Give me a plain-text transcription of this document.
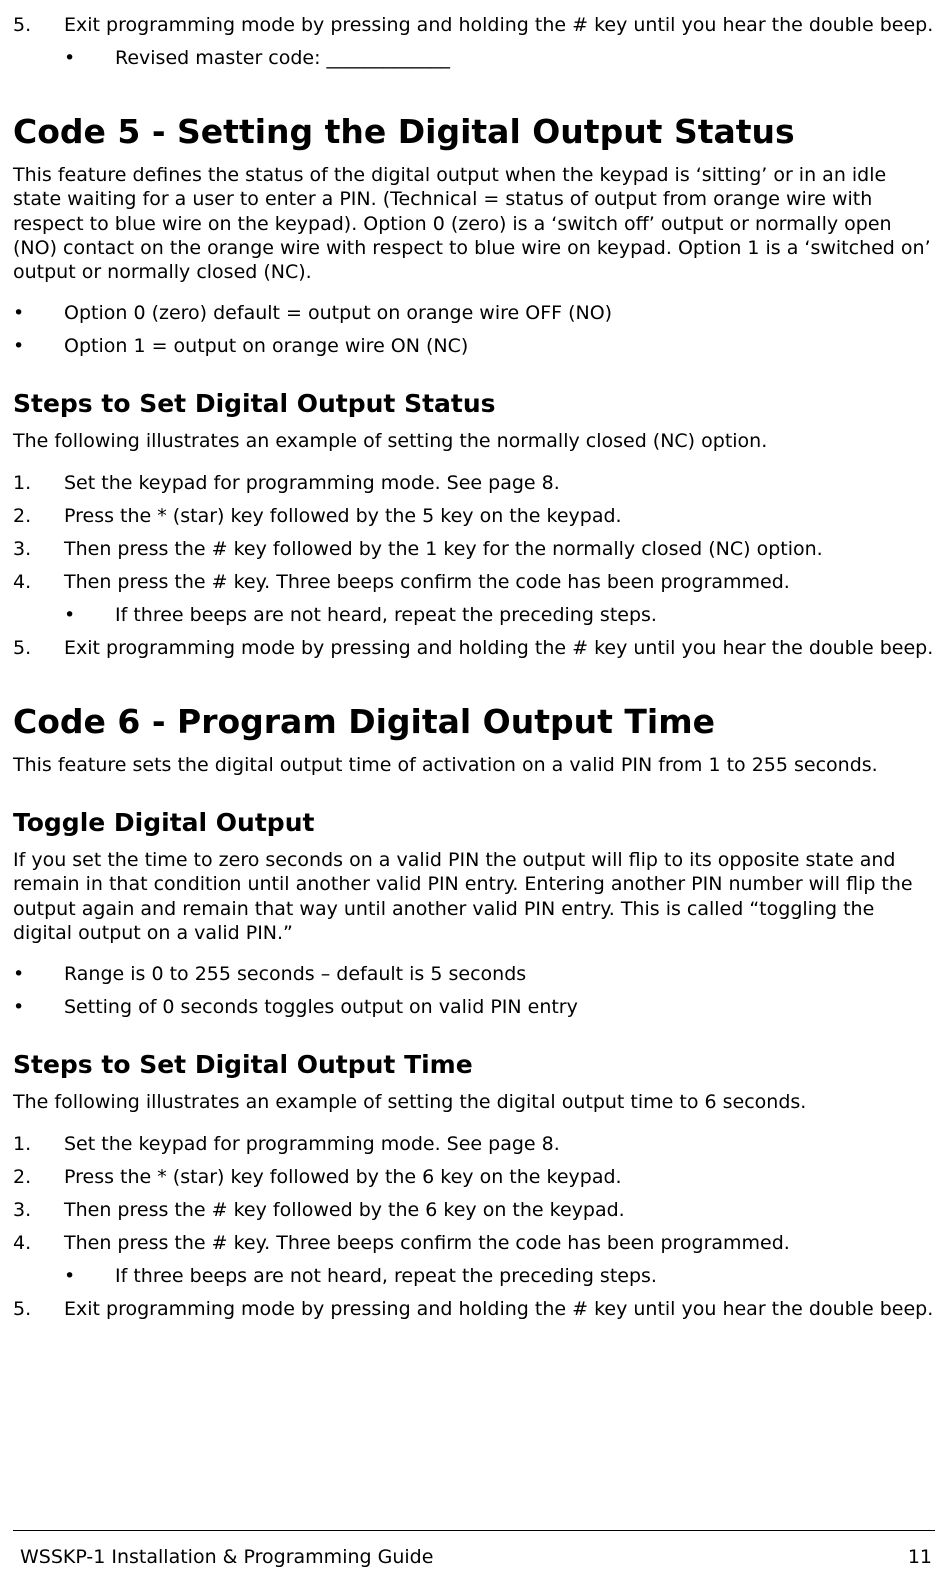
5. Exit programming mode by pressing and holding the # key until you hear the double beep.
• Revised master code: _____________
Code 5 - Setting the Digital Output Status

This feature defines the status of the digital output when the keypad is ‘sitting’ or in an idle state waiting for a user to enter a PIN. (Technical = status of output from orange wire with respect to blue wire on the keypad). Option 0 (zero) is a ‘switch off’ output or normally open (NO) contact on the orange wire with respect to blue wire on keypad. Option 1 is a ‘switched on’ output or normally closed (NC).

• Option 0 (zero) default = output on orange wire OFF (NO)
• Option 1 = output on orange wire ON (NC)
Steps to Set Digital Output Status

The following illustrates an example of setting the normally closed (NC) option.

1. Set the keypad for programming mode. See page 8.
2. Press the * (star) key followed by the 5 key on the keypad.
3. Then press the # key followed by the 1 key for the normally closed (NC) option.
4. Then press the # key. Three beeps confirm the code has been programmed.
• If three beeps are not heard, repeat the preceding steps.
5. Exit programming mode by pressing and holding the # key until you hear the double beep.
Code 6 - Program Digital Output Time

This feature sets the digital output time of activation on a valid PIN from 1 to 255 seconds.

Toggle Digital Output

If you set the time to zero seconds on a valid PIN the output will flip to its opposite state and remain in that condition until another valid PIN entry. Entering another PIN number will flip the output again and remain that way until another valid PIN entry. This is called “toggling the digital output on a valid PIN.”

• Range is 0 to 255 seconds – default is 5 seconds
• Setting of 0 seconds toggles output on valid PIN entry
Steps to Set Digital Output Time

The following illustrates an example of setting the digital output time to 6 seconds.

1. Set the keypad for programming mode. See page 8.
2. Press the * (star) key followed by the 6 key on the keypad.
3. Then press the # key followed by the 6 key on the keypad.
4. Then press the # key. Three beeps confirm the code has been programmed.
• If three beeps are not heard, repeat the preceding steps.
5. Exit programming mode by pressing and holding the # key until you hear the double beep.
WSSKP-1 Installation & Programming Guide	11
